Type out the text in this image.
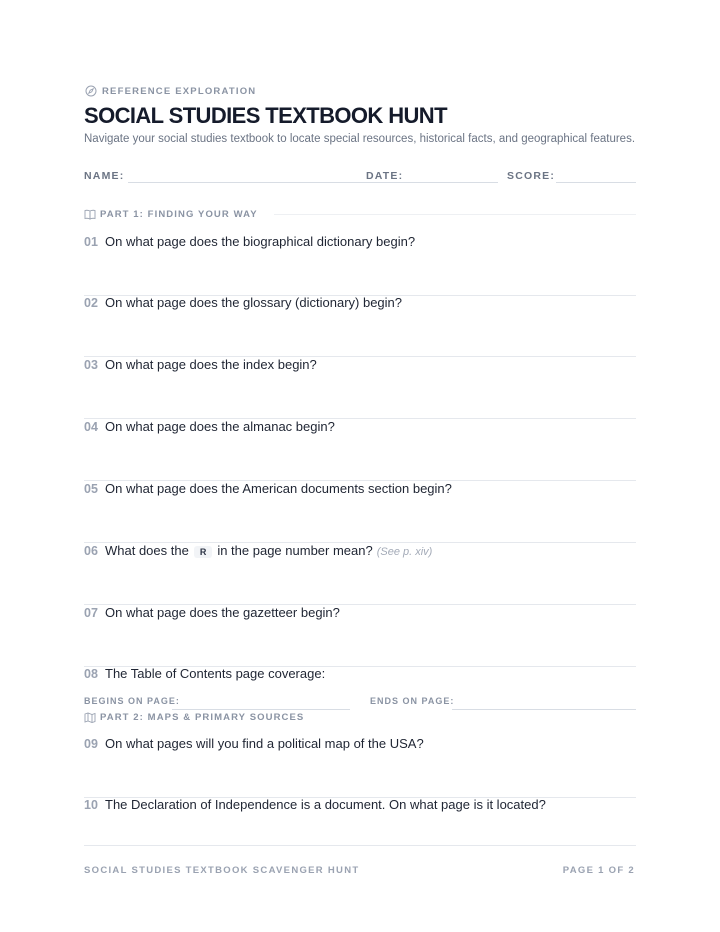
REFERENCE EXPLORATION
SOCIAL STUDIES TEXTBOOK HUNT
Navigate your social studies textbook to locate special resources, historical facts, and geographical features.
NAME:	DATE:	SCORE:
PART 1: FINDING YOUR WAY
01 On what page does the biographical dictionary begin?
02 On what page does the glossary (dictionary) begin?
03 On what page does the index begin?
04 On what page does the almanac begin?
05 On what page does the American documents section begin?
06 What does the	R in the page number mean? (See p. xiv)
07 On what page does the gazetteer begin?
08 The Table of Contents page coverage:
BEGINS ON PAGE:	ENDS ON PAGE:
PART 2: MAPS & PRIMARY SOURCES
09 On what pages will you find a political map of the USA?
10 The Declaration of Independence is a document. On what page is it located?
SOCIAL STUDIES TEXTBOOK SCAVENGER HUNT	PAGE 1 OF 2
